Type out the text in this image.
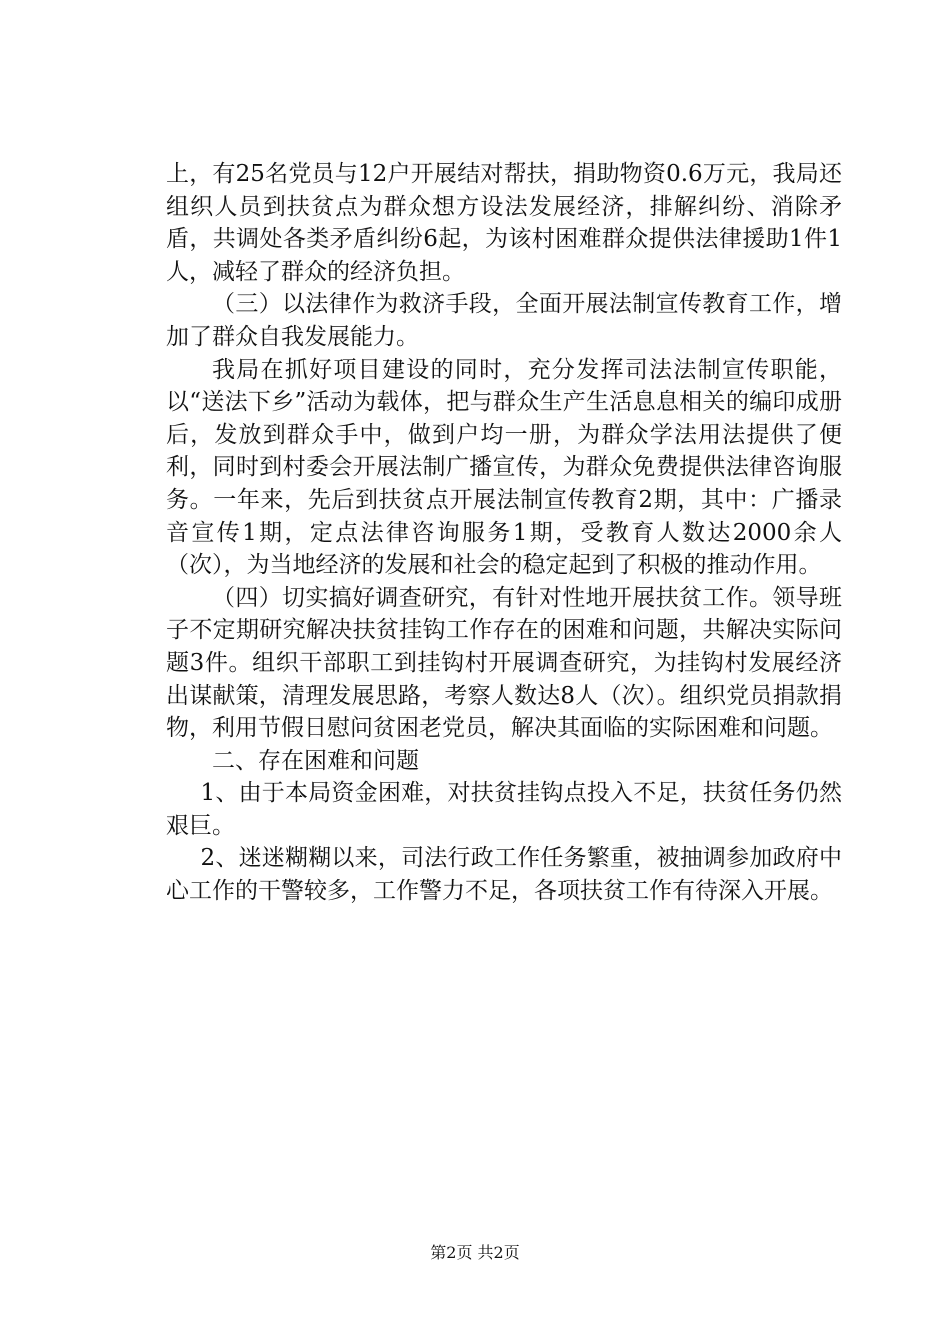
上，有25名党员与12户开展结对帮扶，捐助物资0.6万元，我局还组织人员到扶贫点为群众想方设法发展经济，排解纠纷、消除矛盾，共调处各类矛盾纠纷6起，为该村困难群众提供法律援助1件1人，减轻了群众的经济负担。

（三）以法律作为救济手段，全面开展法制宣传教育工作，增加了群众自我发展能力。

我局在抓好项目建设的同时，充分发挥司法法制宣传职能，以“送法下乡”活动为载体，把与群众生产生活息息相关的编印成册后，发放到群众手中，做到户均一册，为群众学法用法提供了便利，同时到村委会开展法制广播宣传，为群众免费提供法律咨询服务。一年来，先后到扶贫点开展法制宣传教育2期，其中：广播录音宣传1期，定点法律咨询服务1期，受教育人数达2000余人（次），为当地经济的发展和社会的稳定起到了积极的推动作用。

（四）切实搞好调查研究，有针对性地开展扶贫工作。领导班子不定期研究解决扶贫挂钩工作存在的困难和问题，共解决实际问题3件。组织干部职工到挂钩村开展调查研究，为挂钩村发展经济出谋献策，清理发展思路，考察人数达8人（次）。组织党员捐款捐物，利用节假日慰问贫困老党员，解决其面临的实际困难和问题。

二、存在困难和问题

1、由于本局资金困难，对扶贫挂钩点投入不足，扶贫任务仍然艰巨。

2、迷迷糊糊以来，司法行政工作任务繁重，被抽调参加政府中心工作的干警较多，工作警力不足，各项扶贫工作有待深入开展。

第2页 共2页
